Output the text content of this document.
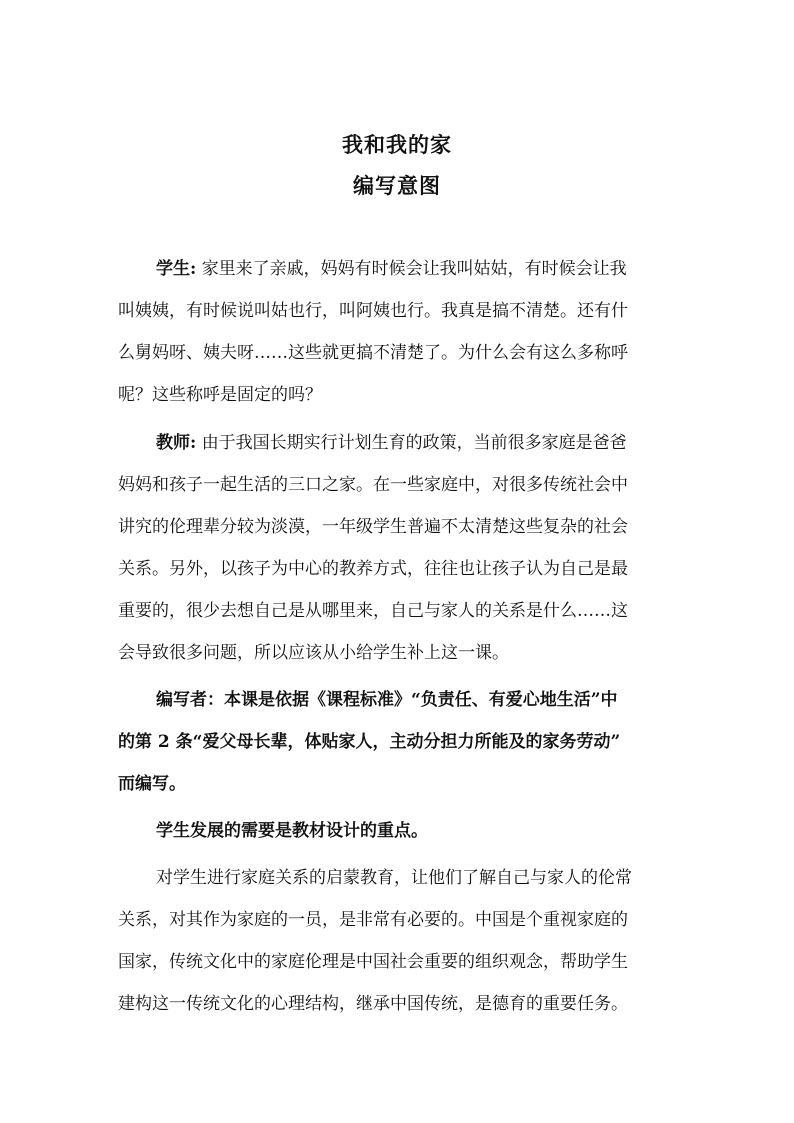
我和我的家
编写意图
学生: 家里来了亲戚，妈妈有时候会让我叫姑姑，有时候会让我
叫姨姨，有时候说叫姑也行，叫阿姨也行。我真是搞不清楚。还有什
么舅妈呀、姨夫呀……这些就更搞不清楚了。为什么会有这么多称呼
呢？这些称呼是固定的吗？
教师: 由于我国长期实行计划生育的政策，当前很多家庭是爸爸
妈妈和孩子一起生活的三口之家。在一些家庭中，对很多传统社会中
讲究的伦理辈分较为淡漠，一年级学生普遍不太清楚这些复杂的社会
关系。另外，以孩子为中心的教养方式，往往也让孩子认为自己是最
重要的，很少去想自己是从哪里来，自己与家人的关系是什么……这
会导致很多问题，所以应该从小给学生补上这一课。
编写者：本课是依据《课程标准》“负责任、有爱心地生活”中
的第 2 条“爱父母长辈，体贴家人，主动分担力所能及的家务劳动”
而编写。
学生发展的需要是教材设计的重点。
对学生进行家庭关系的启蒙教育，让他们了解自己与家人的伦常
关系，对其作为家庭的一员，是非常有必要的。中国是个重视家庭的
国家，传统文化中的家庭伦理是中国社会重要的组织观念，帮助学生
建构这一传统文化的心理结构，继承中国传统，是德育的重要任务。
